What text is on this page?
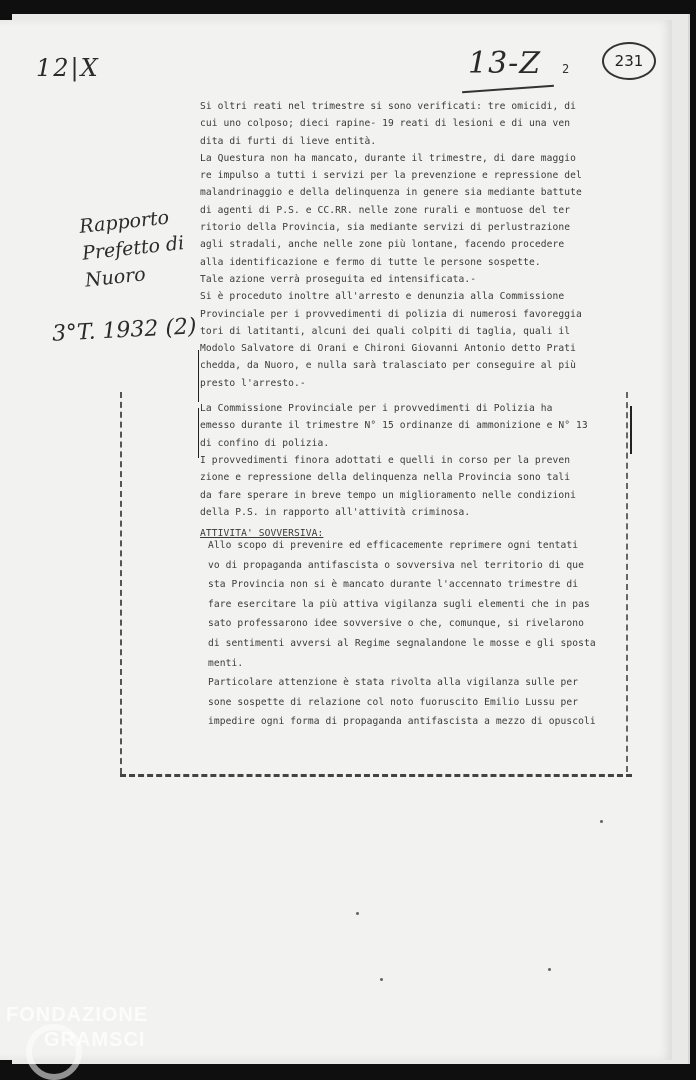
12|X	13-Z 2	231
Rapporto
Prefetto di
Nuoro
3°T. 1932 (2)

Si oltri reati nel trimestre si sono verificati: tre omicidi, di

cui uno colposo; dieci rapine- 19 reati di lesioni e di una ven

dita di furti di lieve entità.

La Questura non ha mancato, durante il trimestre, di dare maggio

re impulso a tutti i servizi per la prevenzione e repressione del

malandrinaggio e della delinquenza in genere sia mediante battute

di agenti di P.S. e CC.RR. nelle zone rurali e montuose del ter

ritorio della Provincia, sia mediante servizi di perlustrazione

agli stradali, anche nelle zone più lontane, facendo procedere

alla identificazione e fermo di tutte le persone sospette.

Tale azione verrà proseguita ed intensificata.-

Si è proceduto inoltre all'arresto e denunzia alla Commissione

Provinciale per i provvedimenti di polizia di numerosi favoreggia

tori di latitanti, alcuni dei quali colpiti di taglia, quali il

Modolo Salvatore di Orani e Chironi Giovanni Antonio detto Prati

chedda, da Nuoro, e nulla sarà tralasciato per conseguire al più

presto l'arresto.-

La Commissione Provinciale per i provvedimenti di Polizia ha

emesso durante il trimestre N° 15 ordinanze di ammonizione e N° 13

di confino di polizia.

I provvedimenti finora adottati e quelli in corso per la preven

zione e repressione della delinquenza nella Provincia sono tali

da fare sperare in breve tempo un miglioramento nelle condizioni

della P.S. in rapporto all'attività criminosa.

ATTIVITA' SOVVERSIVA:

Allo scopo di prevenire ed efficacemente reprimere ogni tentati

vo di propaganda antifascista o sovversiva nel territorio di que

sta Provincia non si è mancato durante l'accennato trimestre di

fare esercitare la più attiva vigilanza sugli elementi che in pas

sato professarono idee sovversive o che, comunque, si rivelarono

di sentimenti avversi al Regime segnalandone le mosse e gli sposta

menti.

Particolare attenzione è stata rivolta alla vigilanza sulle per

sone sospette di relazione col noto fuoruscito Emilio Lussu per

impedire ogni forma di propaganda antifascista a mezzo di opuscoli

FONDAZIONE
GRAMSCI
